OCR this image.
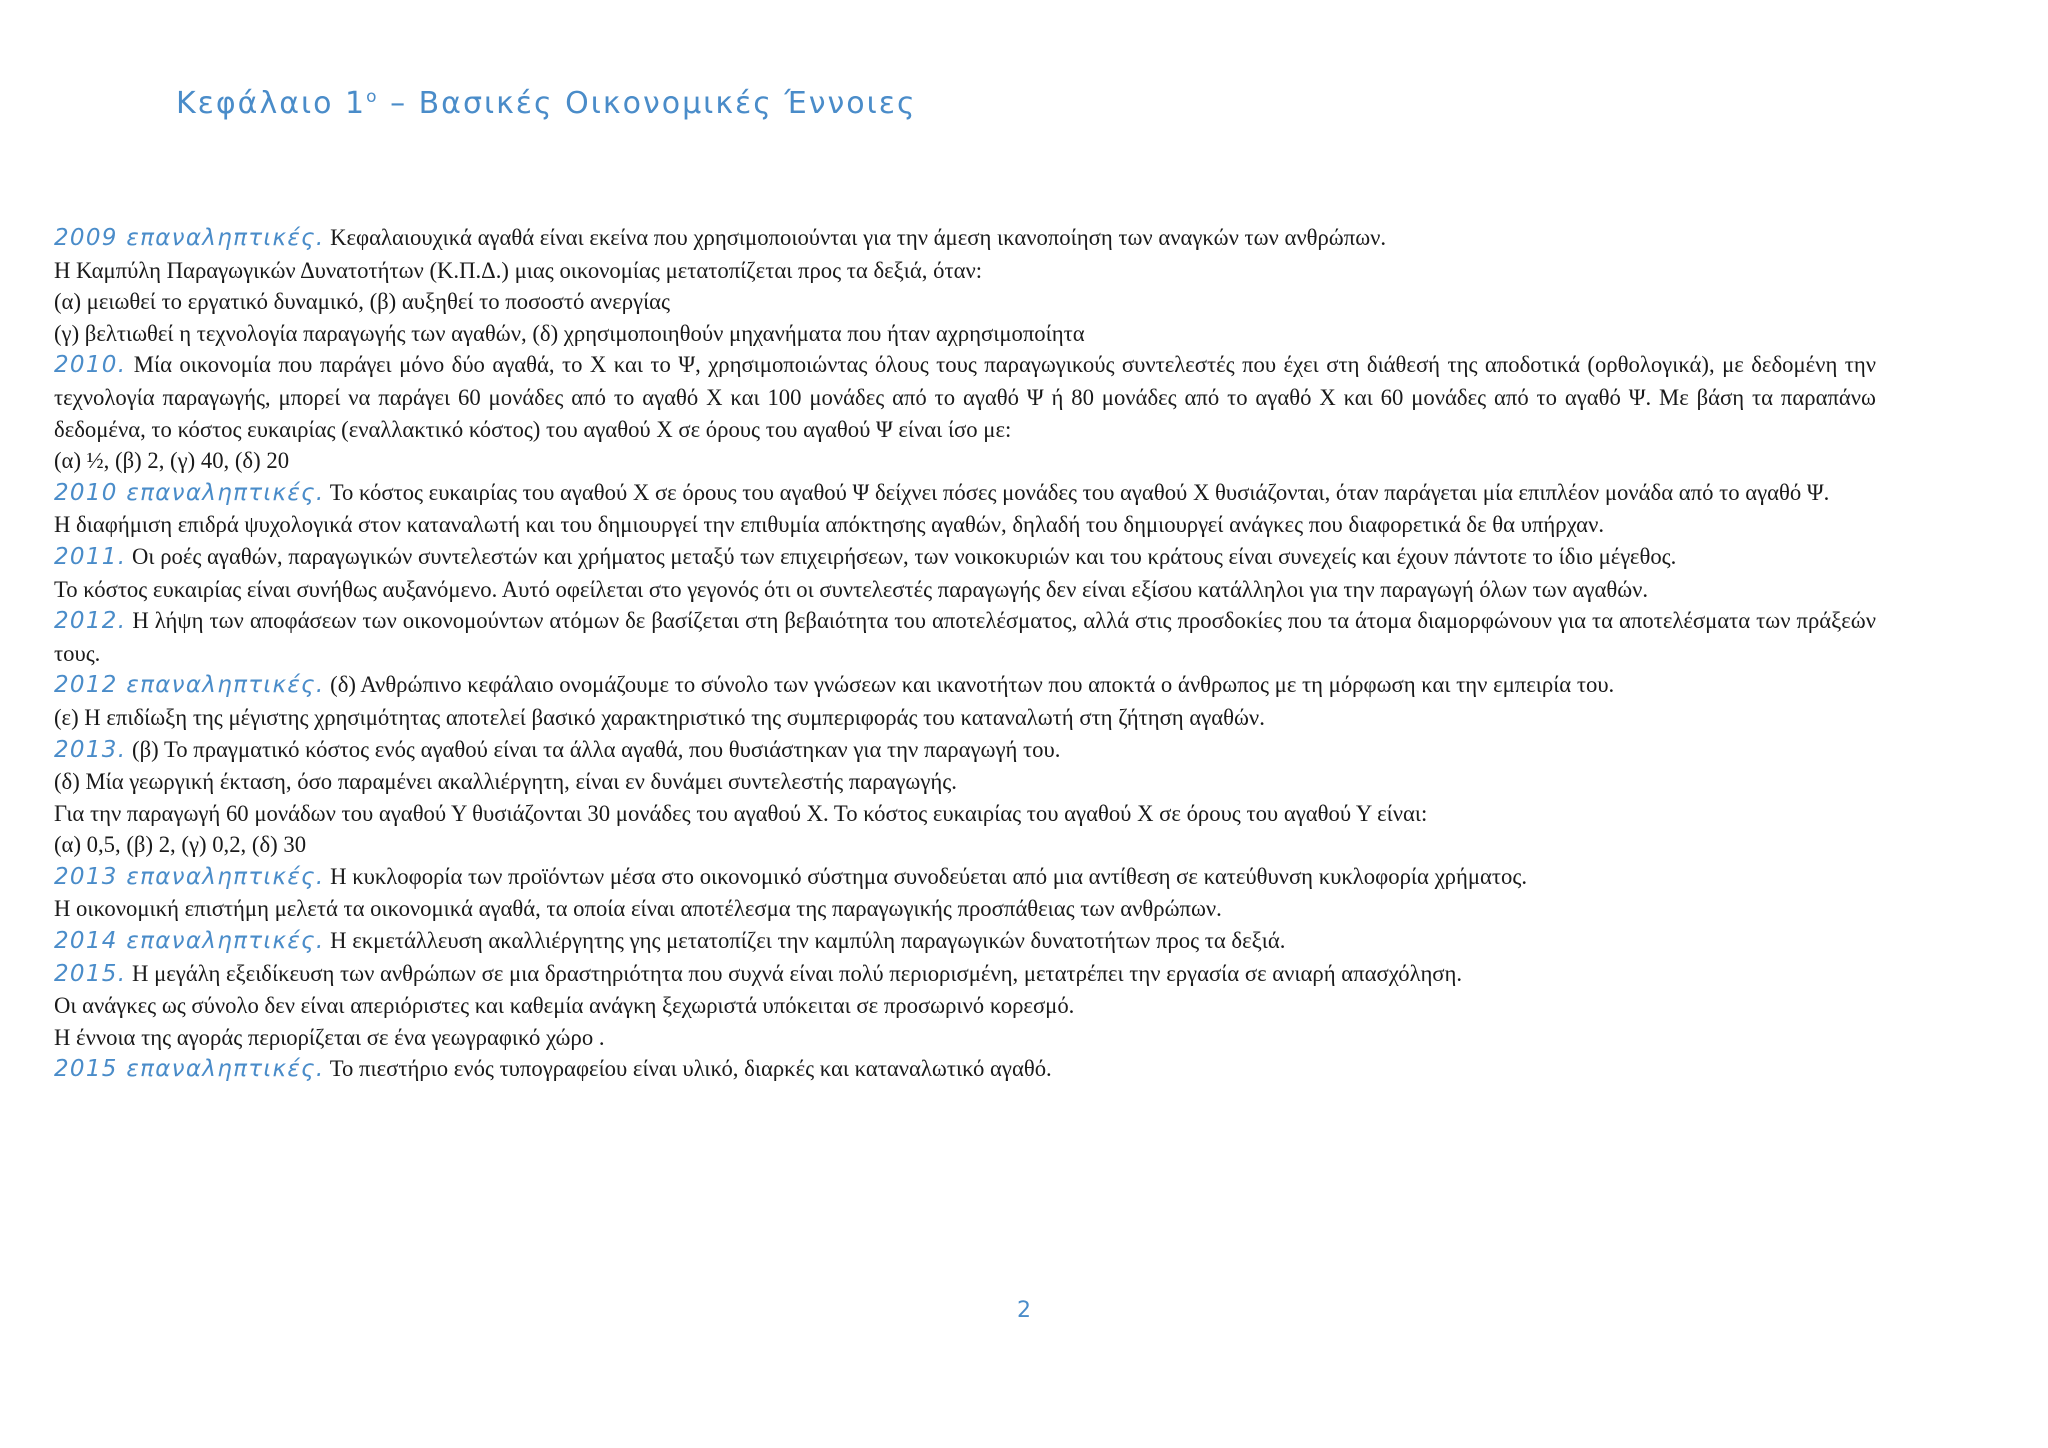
Κεφάλαιο $1^o$ – Βασικές Οικονομικές Έννοιες

2009 επαναληπτικές. Κεφαλαιουχικά αγαθά είναι εκείνα που χρησιμοποιούνται για την άμεση ικανοποίηση των αναγκών των ανθρώπων.

Η Καμπύλη Παραγωγικών Δυνατοτήτων (Κ.Π.Δ.) μιας οικονομίας μετατοπίζεται προς τα δεξιά, όταν:

(α) μειωθεί το εργατικό δυναμικό, (β) αυξηθεί το ποσοστό ανεργίας

(γ) βελτιωθεί η τεχνολογία παραγωγής των αγαθών, (δ) χρησιμοποιηθούν μηχανήματα που ήταν αχρησιμοποίητα

2010. Μία οικονομία που παράγει μόνο δύο αγαθά, το Χ και το Ψ, χρησιμοποιώντας όλους τους παραγωγικούς συντελεστές που έχει στη διάθεσή της αποδοτικά (ορθολογικά), με δεδομένη την τεχνολογία παραγωγής, μπορεί να παράγει 60 μονάδες από το αγαθό Χ και 100 μονάδες από το αγαθό Ψ ή 80 μονάδες από το αγαθό Χ και 60 μονάδες από το αγαθό Ψ. Με βάση τα παραπάνω δεδομένα, το κόστος ευκαιρίας (εναλλακτικό κόστος) του αγαθού Χ σε όρους του αγαθού Ψ είναι ίσο με:

(α) ½, (β) 2, (γ) 40, (δ) 20

2010 επαναληπτικές. Το κόστος ευκαιρίας του αγαθού Χ σε όρους του αγαθού Ψ δείχνει πόσες μονάδες του αγαθού Χ θυσιάζονται, όταν παράγεται μία επιπλέον μονάδα από το αγαθό Ψ.

Η διαφήμιση επιδρά ψυχολογικά στον καταναλωτή και του δημιουργεί την επιθυμία απόκτησης αγαθών, δηλαδή του δημιουργεί ανάγκες που διαφορετικά δε θα υπήρχαν.

2011. Οι ροές αγαθών, παραγωγικών συντελεστών και χρήματος μεταξύ των επιχειρήσεων, των νοικοκυριών και του κράτους είναι συνεχείς και έχουν πάντοτε το ίδιο μέγεθος.

Το κόστος ευκαιρίας είναι συνήθως αυξανόμενο. Αυτό οφείλεται στο γεγονός ότι οι συντελεστές παραγωγής δεν είναι εξίσου κατάλληλοι για την παραγωγή όλων των αγαθών.

2012. Η λήψη των αποφάσεων των οικονομούντων ατόμων δε βασίζεται στη βεβαιότητα του αποτελέσματος, αλλά στις προσδοκίες που τα άτομα διαμορφώνουν για τα αποτελέσματα των πράξεών τους.

2012 επαναληπτικές. (δ) Ανθρώπινο κεφάλαιο ονομάζουμε το σύνολο των γνώσεων και ικανοτήτων που αποκτά ο άνθρωπος με τη μόρφωση και την εμπειρία του.

(ε) Η επιδίωξη της μέγιστης χρησιμότητας αποτελεί βασικό χαρακτηριστικό της συμπεριφοράς του καταναλωτή στη ζήτηση αγαθών.

2013. (β) Το πραγματικό κόστος ενός αγαθού είναι τα άλλα αγαθά, που θυσιάστηκαν για την παραγωγή του.

(δ) Μία γεωργική έκταση, όσο παραμένει ακαλλιέργητη, είναι εν δυνάμει συντελεστής παραγωγής.

Για την παραγωγή 60 μονάδων του αγαθού Υ θυσιάζονται 30 μονάδες του αγαθού Χ. Το κόστος ευκαιρίας του αγαθού Χ σε όρους του αγαθού Υ είναι:

(α) 0,5, (β) 2, (γ) 0,2, (δ) 30

2013 επαναληπτικές. Η κυκλοφορία των προϊόντων μέσα στο οικονομικό σύστημα συνοδεύεται από μια αντίθεση σε κατεύθυνση κυκλοφορία χρήματος.

Η οικονομική επιστήμη μελετά τα οικονομικά αγαθά, τα οποία είναι αποτέλεσμα της παραγωγικής προσπάθειας των ανθρώπων.

2014 επαναληπτικές. Η εκμετάλλευση ακαλλιέργητης γης μετατοπίζει την καμπύλη παραγωγικών δυνατοτήτων προς τα δεξιά.

2015. Η μεγάλη εξειδίκευση των ανθρώπων σε μια δραστηριότητα που συχνά είναι πολύ περιορισμένη, μετατρέπει την εργασία σε ανιαρή απασχόληση.

Οι ανάγκες ως σύνολο δεν είναι απεριόριστες και καθεμία ανάγκη ξεχωριστά υπόκειται σε προσωρινό κορεσμό.

Η έννοια της αγοράς περιορίζεται σε ένα γεωγραφικό χώρο .

2015 επαναληπτικές. Το πιεστήριο ενός τυπογραφείου είναι υλικό, διαρκές και καταναλωτικό αγαθό.

2
